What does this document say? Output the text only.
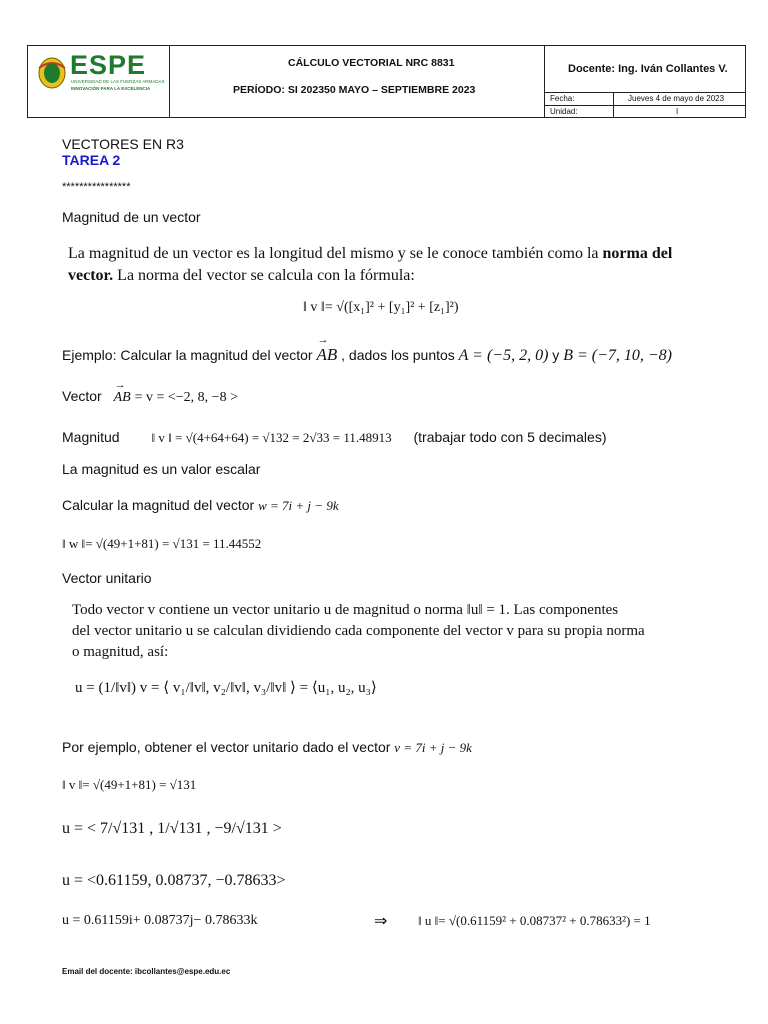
ESPE
UNIVERSIDAD DE LAS FUERZAS ARMADAS
INNOVACIÓN PARA LA EXCELENCIA
CÁLCULO VECTORIAL NRC 8831
PERÍODO: SI 202350 MAYO – SEPTIEMBRE 2023
Docente: Ing. Iván Collantes V.
Fecha:	Jueves 4 de mayo de 2023
Unidad:	I
VECTORES EN R3
TAREA 2
****************
Magnitud de un vector
La magnitud de un vector es la longitud del mismo y se le conoce también como la norma del
vector. La norma del vector se calcula con la fórmula:
‖ v ‖= √([x₁]² + [y₁]² + [z₁]²)
Ejemplo: Calcular la magnitud del vector → AB , dados los puntos A = (−5, 2, 0) y B = (−7, 10, −8)
Vector → AB = v = <−2, 8, −8 >
Magnitud ‖ v ‖ = √(4+64+64) = √132 = 2√33 = 11.48913 (trabajar todo con 5 decimales)
La magnitud es un valor escalar
Calcular la magnitud del vector w = 7i + j − 9k
‖ w ‖= √(49+1+81) = √131 = 11.44552
Vector unitario
Todo vector v contiene un vector unitario u de magnitud o norma ‖u‖ = 1. Las componentes
del vector unitario u se calculan dividiendo cada componente del vector v para su propia norma
o magnitud, así:
u = (1/‖v‖) v = ⟨ v₁/‖v‖, v₂/‖v‖, v₃/‖v‖ ⟩ = ⟨u₁, u₂, u₃⟩
Por ejemplo, obtener el vector unitario dado el vector v = 7i + j − 9k
‖ v ‖= √(49+1+81) = √131
u = < 7/√131 , 1/√131 , −9/√131 >
u = <0.61159, 0.08737, −0.78633>
u = 0.61159i+ 0.08737j− 0.78633k	⇒ ‖ u ‖= √(0.61159² + 0.08737² + 0.78633²) = 1
Email del docente: ibcollantes@espe.edu.ec
